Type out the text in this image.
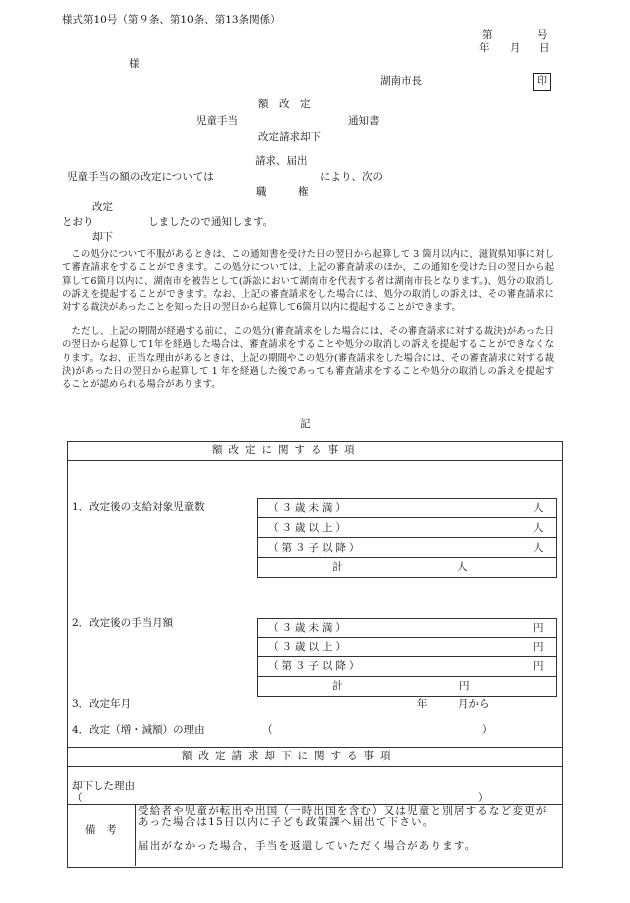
様式第10号（第９条、第10条、第13条関係）
第	号
年 月 日
様
湖南市長	印
額　改　定
児童手当	通知書
改定請求却下
請求、届出
児童手当の額の改定については	により、次の
職　　　権
改定
とおり	しましたので通知します。
却下
　この処分について不服があるときは、この通知書を受けた日の翌日から起算して 3 箇月以内に、滋賀県知事に対して審査請求をすることができます。この処分については、上記の審査請求のほか、この通知を受けた日の翌日から起算して6箇月以内に、湖南市を被告として(訴訟において湖南市を代表する者は湖南市長となります。)、処分の取消しの訴えを提起することができます。なお、上記の審査請求をした場合には、処分の取消しの訴えは、その審査請求に対する裁決があったことを知った日の翌日から起算して6箇月以内に提起することができます。
　ただし、上記の期間が経過する前に、この処分(審査請求をした場合には、その審査請求に対する裁決)があった日の翌日から起算して1年を経過した場合は、審査請求をすることや処分の取消しの訴えを提起することができなくなります。なお、正当な理由があるときは、上記の期間やこの処分(審査請求をした場合には、その審査請求に対する裁決)があった日の翌日から起算して 1 年を経過した後であっても審査請求をすることや処分の取消しの訴えを提起することが認められる場合があります。
記
額改定に関する事項
1．改定後の支給対象児童数	（３歳未満）	人
（３歳以上）	人
（第３子以降）	人
計	人
2．改定後の手当月額	（３歳未満）	円
（３歳以上）	円
（第３子以降）	円
計	円
3．改定年月	年	月から
4．改定（増・減額）の理由	（	）
額改定請求却下に関する事項
却下した理由
（	）
備　考
受給者や児童が転出や出国（一時出国を含む）又は児童と別居するなど変更があった場合は15日以内に子ども政策課へ届出て下さい。
届出がなかった場合、手当を返還していただく場合があります。
